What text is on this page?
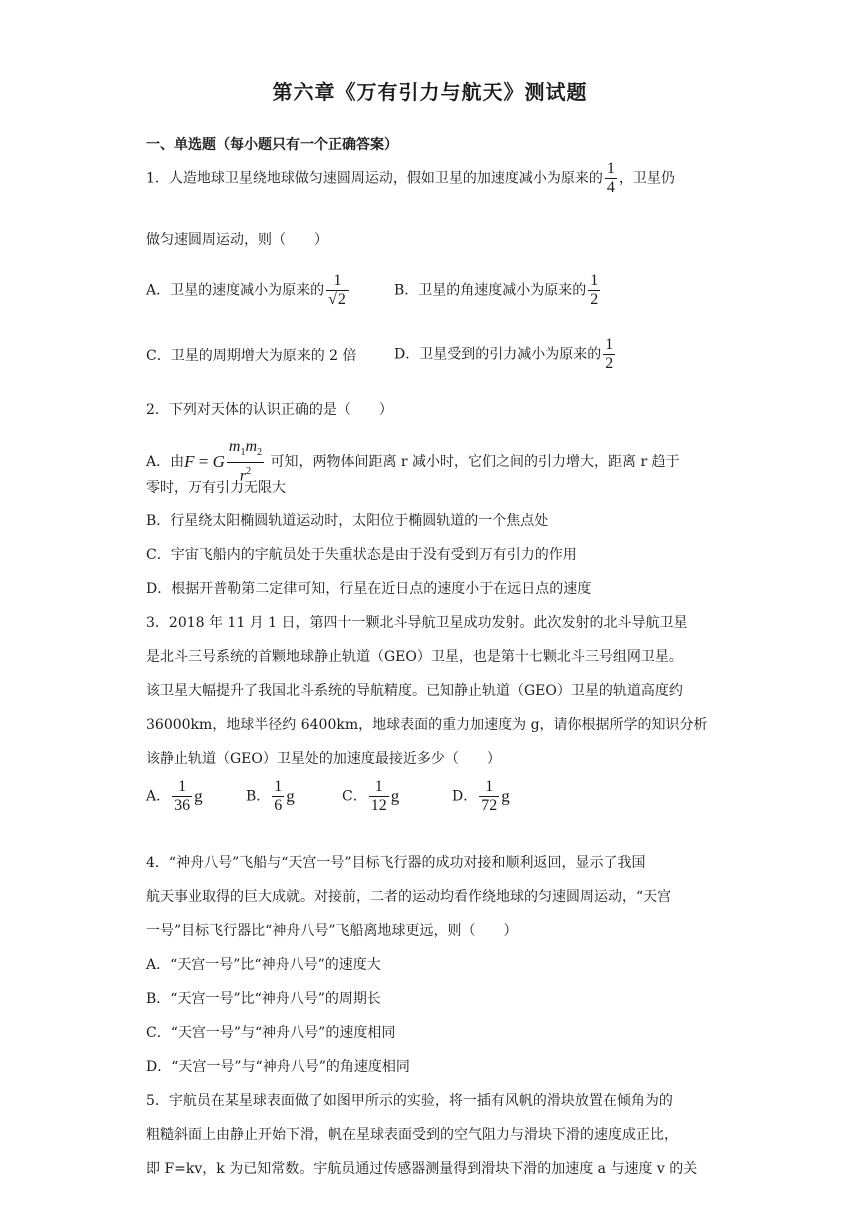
第六章《万有引力与航天》测试题
一、单选题（每小题只有一个正确答案）
1．人造地球卫星绕地球做匀速圆周运动，假如卫星的加速度减小为原来的 $\frac{1}{4}$ ，卫星仍
做匀速圆周运动，则（　　）
A．卫星的速度减小为原来的 $\frac{1}{√2}$	B．卫星的角速度减小为原来的 $\frac{1}{2}$
C．卫星的周期增大为原来的 2 倍	D．卫星受到的引力减小为原来的 $\frac{1}{2}$
2．下列对天体的认识正确的是（　　）
A．由F = G $\frac{m_1m_2}{r^2}$ 可知，两物体间距离 r 减小时，它们之间的引力增大，距离 r 趋于
零时，万有引力无限大
B．行星绕太阳椭圆轨道运动时，太阳位于椭圆轨道的一个焦点处
C．宇宙飞船内的宇航员处于失重状态是由于没有受到万有引力的作用
D．根据开普勒第二定律可知，行星在近日点的速度小于在远日点的速度
3．2018 年 11 月 1 日，第四十一颗北斗导航卫星成功发射。此次发射的北斗导航卫星
是北斗三号系统的首颗地球静止轨道（GEO）卫星，也是第十七颗北斗三号组网卫星。
该卫星大幅提升了我国北斗系统的导航精度。已知静止轨道（GEO）卫星的轨道高度约
36000km，地球半径约 6400km，地球表面的重力加速度为 g，请你根据所学的知识分析
该静止轨道（GEO）卫星处的加速度最接近多少（　　）
A． $\frac{1}{36}$ g	B． $\frac{1}{6}$ g	C． $\frac{1}{12}$ g	D． $\frac{1}{72}$ g
4．“神舟八号”飞船与“天宫一号”目标飞行器的成功对接和顺利返回，显示了我国
航天事业取得的巨大成就。对接前，二者的运动均看作绕地球的匀速圆周运动，“天宫
一号”目标飞行器比“神舟八号”飞船离地球更远，则（　　）
A．“天宫一号”比“神舟八号”的速度大
B．“天宫一号”比“神舟八号”的周期长
C．“天宫一号”与“神舟八号”的速度相同
D．“天宫一号”与“神舟八号”的角速度相同
5．宇航员在某星球表面做了如图甲所示的实验，将一插有风帆的滑块放置在倾角为的
粗糙斜面上由静止开始下滑，帆在星球表面受到的空气阻力与滑块下滑的速度成正比，
即 F=kv，k 为已知常数。宇航员通过传感器测量得到滑块下滑的加速度 a 与速度 v 的关
